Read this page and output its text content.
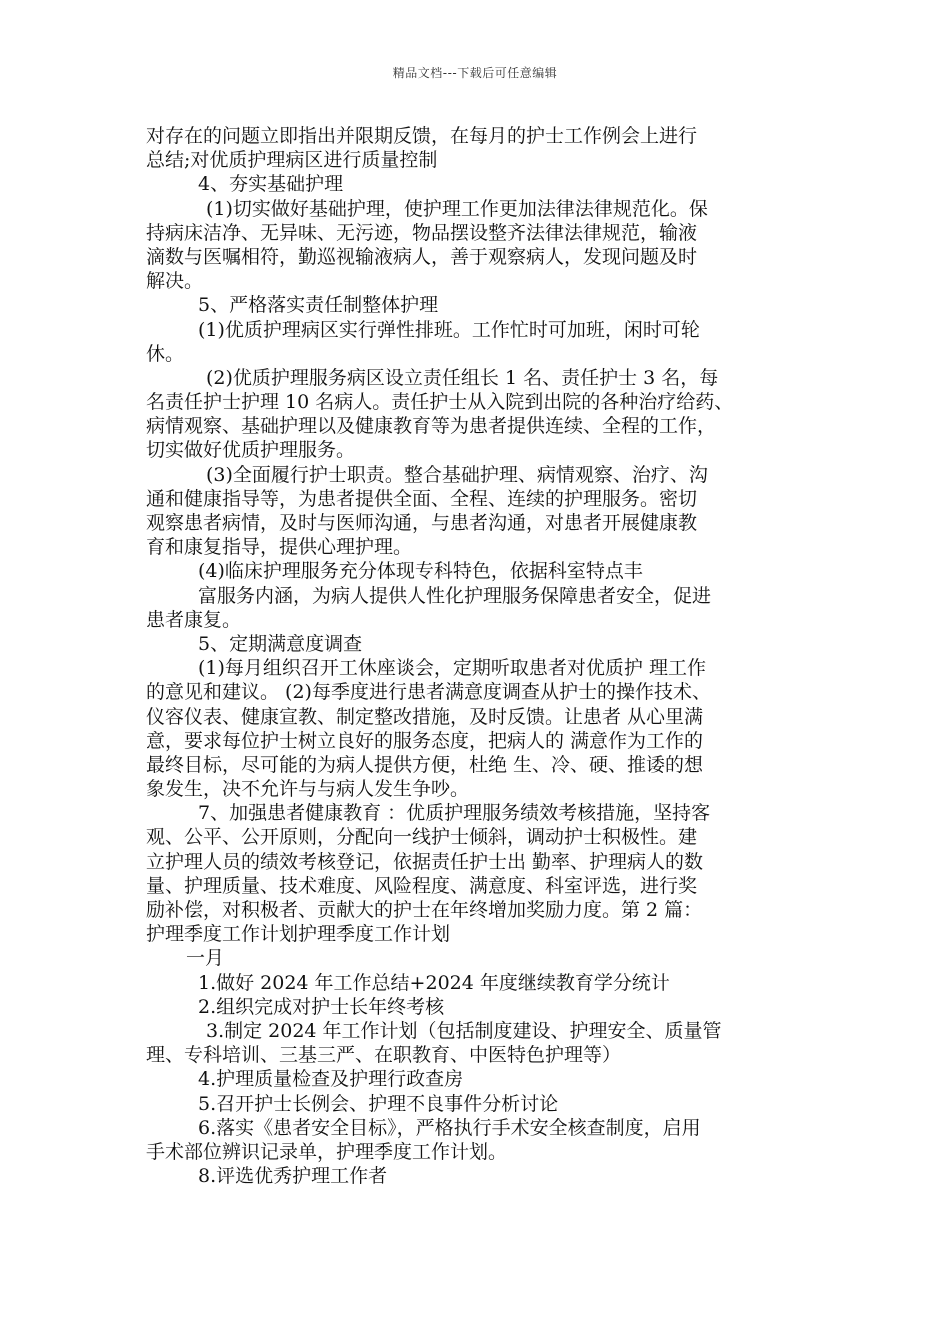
精品文档---下载后可任意编辑
对存在的问题立即指出并限期反馈，在每月的护士工作例会上进行
总结;对优质护理病区进行质量控制
4、夯实基础护理
(1)切实做好基础护理，使护理工作更加法律法律规范化。保
持病床洁净、无异味、无污迹，物品摆设整齐法律法律规范，输液
滴数与医嘱相符，勤巡视输液病人，善于观察病人，发现问题及时
解决。
5、严格落实责任制整体护理
(1)优质护理病区实行弹性排班。工作忙时可加班，闲时可轮
休。
(2)优质护理服务病区设立责任组长 1 名、责任护士 3 名，每
名责任护士护理 10 名病人。责任护士从入院到出院的各种治疗给药、
病情观察、基础护理以及健康教育等为患者提供连续、全程的工作，
切实做好优质护理服务。
(3)全面履行护士职责。整合基础护理、病情观察、治疗、沟
通和健康指导等，为患者提供全面、全程、连续的护理服务。密切
观察患者病情，及时与医师沟通，与患者沟通，对患者开展健康教
育和康复指导，提供心理护理。
(4)临床护理服务充分体现专科特色，依据科室特点丰
富服务内涵，为病人提供人性化护理服务保障患者安全，促进
患者康复。
5、定期满意度调查
(1)每月组织召开工休座谈会，定期听取患者对优质护 理工作
的意见和建议。 (2)每季度进行患者满意度调查从护士的操作技术、
仪容仪表、健康宣教、制定整改措施，及时反馈。让患者 从心里满
意，要求每位护士树立良好的服务态度，把病人的 满意作为工作的
最终目标，尽可能的为病人提供方便，杜绝 生、冷、硬、推诿的想
象发生，决不允许与与病人发生争吵。
7、加强患者健康教育 ：优质护理服务绩效考核措施，坚持客
观、公平、公开原则，分配向一线护士倾斜，调动护士积极性。建
立护理人员的绩效考核登记，依据责任护士出 勤率、护理病人的数
量、护理质量、技术难度、风险程度、满意度、科室评选，进行奖
励补偿，对积极者、贡献大的护士在年终增加奖励力度。第 2 篇：
护理季度工作计划护理季度工作计划
一月
1.做好 2024 年工作总结+2024 年度继续教育学分统计
2.组织完成对护士长年终考核
3.制定 2024 年工作计划（包括制度建设、护理安全、质量管
理、专科培训、三基三严、在职教育、中医特色护理等）
4.护理质量检查及护理行政查房
5.召开护士长例会、护理不良事件分析讨论
6.落实《患者安全目标》，严格执行手术安全核查制度，启用
手术部位辨识记录单，护理季度工作计划。
8.评选优秀护理工作者
